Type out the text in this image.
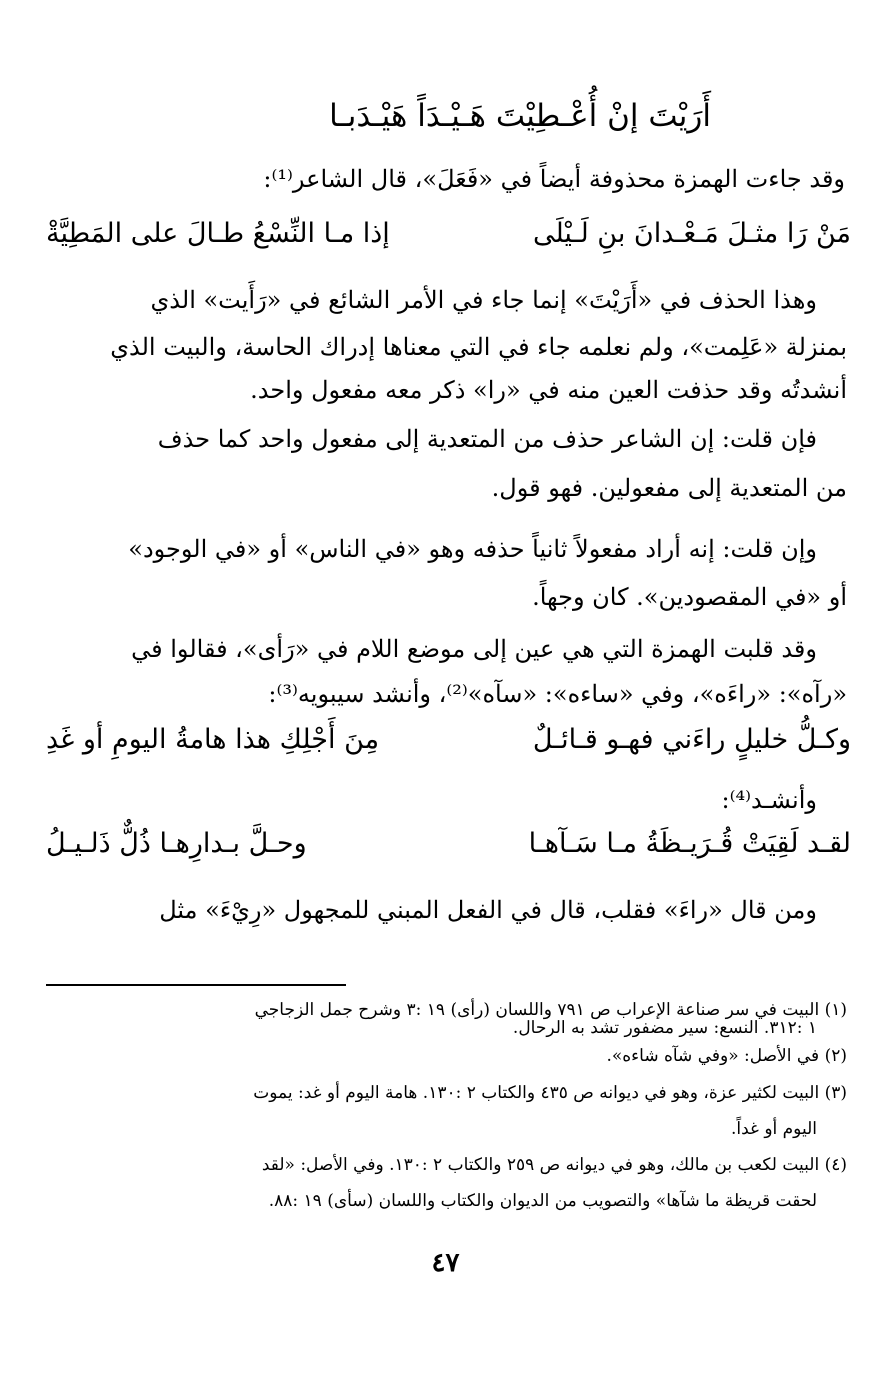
أَرَيْتَ إنْ أُعْـطِيْتَ هَـيْـدَاً هَيْـدَبـا
وقد جاءت الهمزة محذوفة أيضاً في «فَعَلَ»، قال الشاعر⁽¹⁾:
مَنْ رَا مثـلَ مَـعْـدانَ بنِ لَـيْلَى
إذا مـا النِّسْعُ طـالَ على المَطِيَّةْ
وهذا الحذف في «أَرَيْتَ» إنما جاء في الأمر الشائع في «رَأَيت» الذي
بمنزلة «عَلِمت»، ولم نعلمه جاء في التي معناها إدراك الحاسة، والبيت الذي
أنشدتُه وقد حذفت العين منه في «را» ذكر معه مفعول واحد.
فإن قلت: إن الشاعر حذف من المتعدية إلى مفعول واحد كما حذف
من المتعدية إلى مفعولين. فهو قول.
وإن قلت: إنه أراد مفعولاً ثانياً حذفه وهو «في الناس» أو «في الوجود»
أو «في المقصودين». كان وجهاً.
وقد قلبت الهمزة التي هي عين إلى موضع اللام في «رَأى»، فقالوا في
«رآه»: «راءَه»، وفي «ساءه»: «سآه»⁽²⁾، وأنشد سيبويه⁽³⁾:
وكـلُّ خليلٍ راءَني فهـو قـائـلٌ
مِنَ أَجْلِكِ هذا هامةُ اليومِ أو غَدِ
وأنشـد⁽⁴⁾:
لقـد لَقِيَتْ قُـرَيـظَةُ مـا سَـآهـا
وحـلَّ بـدارِهـا ذُلٌّ ذَلـيـلُ
ومن قال «راءَ» فقلب، قال في الفعل المبني للمجهول «رِيْءَ» مثل
(١) البيت في سر صناعة الإعراب ص ٧٩١ واللسان (رأى) ١٩ :٣ وشرح جمل الزجاجي
١ :٣١٢. النسع: سير مضفور تشد به الرحال.
(٢) في الأصل: «وفي شآه شاءه».
(٣) البيت لكثير عزة، وهو في ديوانه ص ٤٣٥ والكتاب ٢ :١٣٠. هامة اليوم أو غد: يموت
اليوم أو غداً.
(٤) البيت لكعب بن مالك، وهو في ديوانه ص ٢٥٩ والكتاب ٢ :١٣٠. وفي الأصل: «لقد
لحقت قريظة ما شآها» والتصويب من الديوان والكتاب واللسان (سأى) ١٩ :٨٨.
٤٧
